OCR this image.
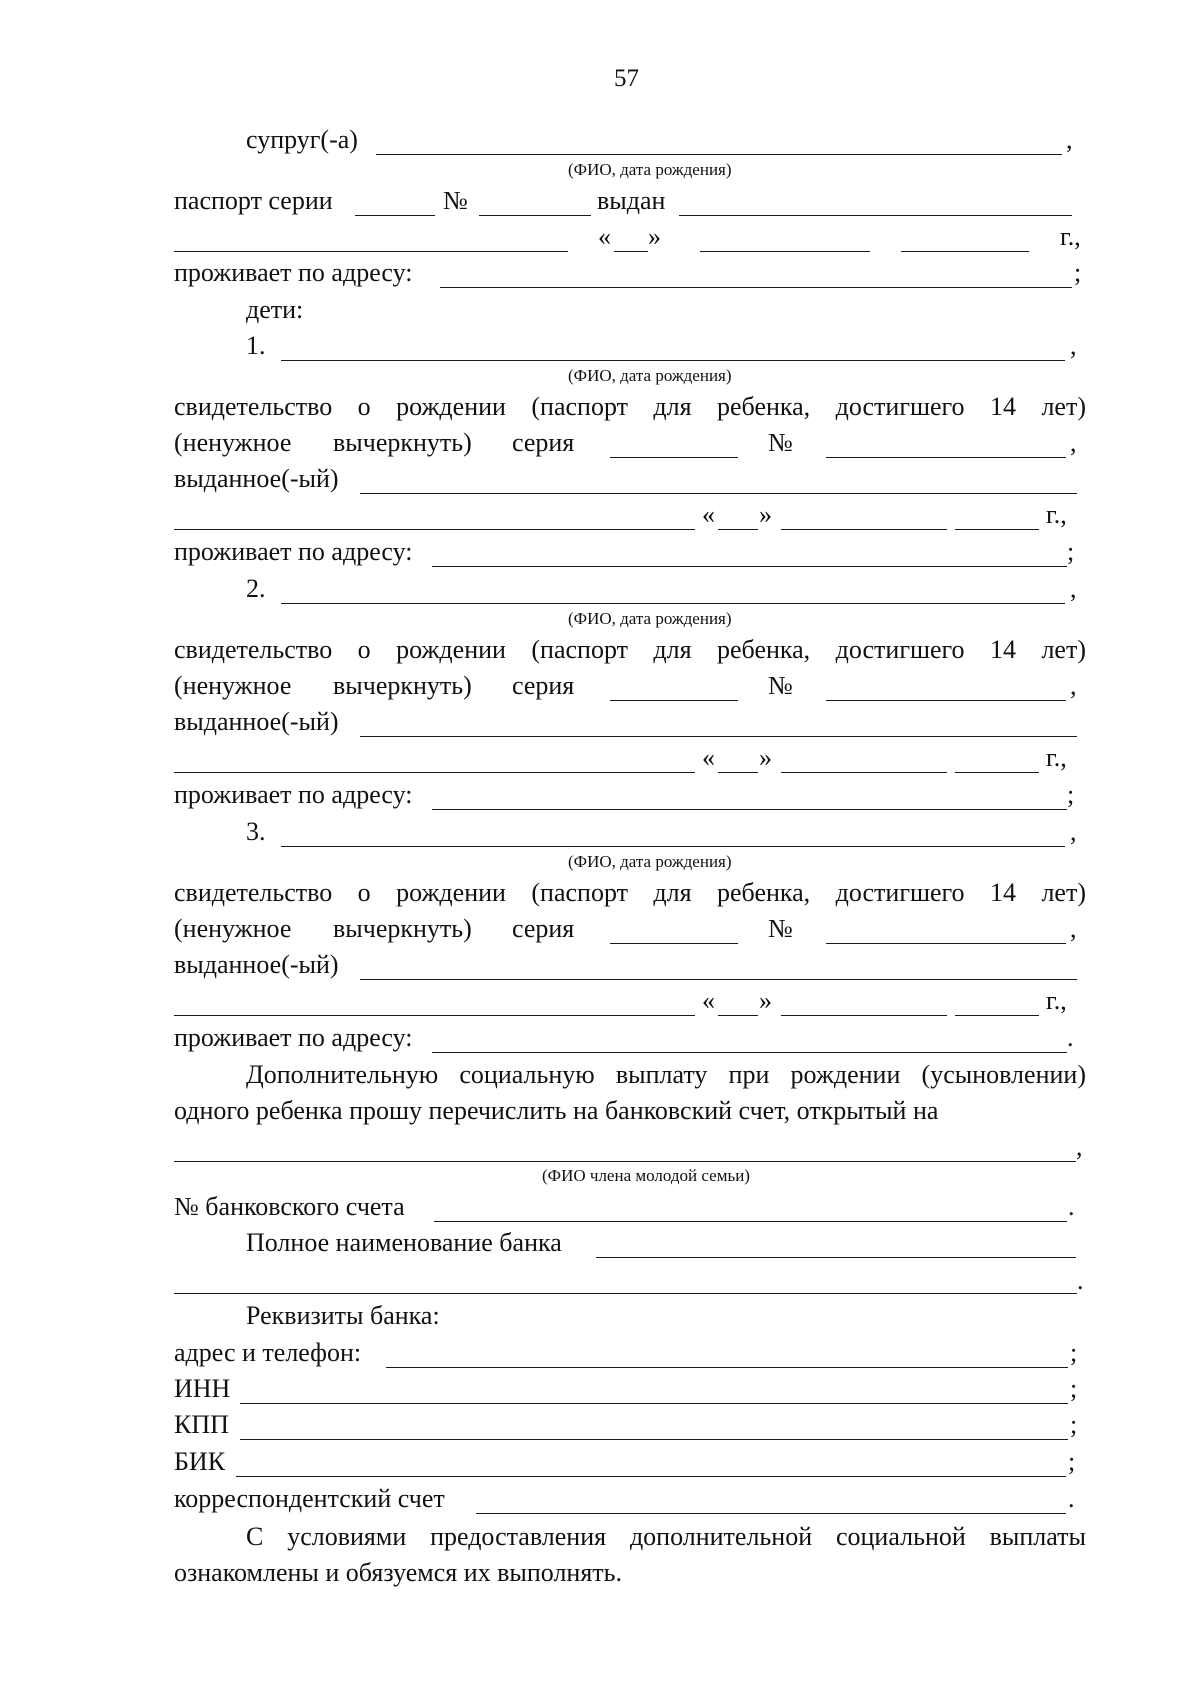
57
супруг(-а)	,
(ФИО, дата рождения)
паспорт серии	№	выдан
« »	г.,
проживает по адресу:	;
дети:
1.	,
(ФИО, дата рождения)
свидетельство о рождении (паспорт для ребенка, достигшего 14 лет)
(ненужное вычеркнуть) серия	№	,
выданное(-ый)
« »	г.,
проживает по адресу:	;
2.	,
(ФИО, дата рождения)
свидетельство о рождении (паспорт для ребенка, достигшего 14 лет)
(ненужное вычеркнуть) серия	№	,
выданное(-ый)
« »	г.,
проживает по адресу:	;
3.	,
(ФИО, дата рождения)
свидетельство о рождении (паспорт для ребенка, достигшего 14 лет)
(ненужное вычеркнуть) серия	№	,
выданное(-ый)
« »	г.,
проживает по адресу:	.
Дополнительную социальную выплату при рождении (усыновлении)
одного ребенка прошу перечислить на банковский счет, открытый на
,
(ФИО члена молодой семьи)
№ банковского счета	.
Полное наименование банка
.
Реквизиты банка:
адрес и телефон:	;
ИНН	;
КПП	;
БИК	;
корреспондентский счет	.
С условиями предоставления дополнительной социальной выплаты
ознакомлены и обязуемся их выполнять.
